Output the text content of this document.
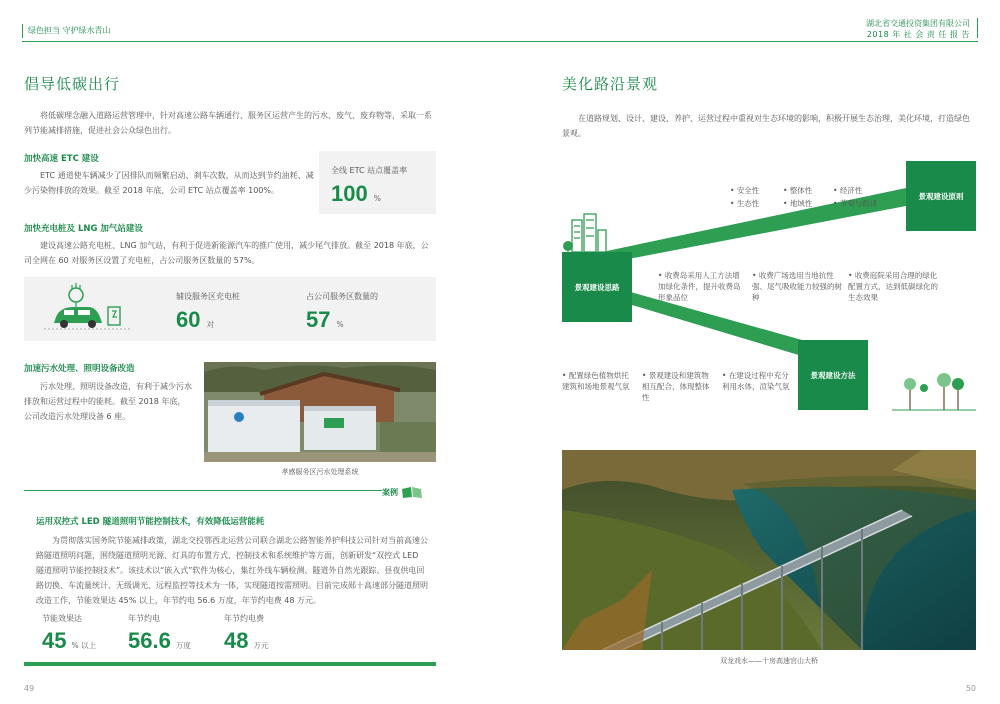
绿色担当 守护绿水青山
湖北省交通投资集团有限公司
2018 年 社 会 责 任 报 告
倡导低碳出行
将低碳理念融入道路运营管理中，针对高速公路车辆通行、服务区运营产生的污水、废气、废弃物等，采取一系列节能减排措施，促进社会公众绿色出行。
加快高速 ETC 建设
ETC 通道使车辆减少了因排队而频繁启动、刹车次数，从而达到节约油耗、减少污染物排放的效果。截至 2018 年底，公司 ETC 站点覆盖率 100%。
全线 ETC 站点覆盖率
100 %
加快充电桩及 LNG 加气站建设
建设高速公路充电桩、LNG 加气站，有利于促进新能源汽车的推广使用，减少尾气排放。截至 2018 年底，公司全网在 60 对服务区设置了充电桩，占公司服务区数量的 57%。
辅设服务区充电桩
60 对
占公司服务区数量的
57 %
加速污水处理、照明设备改造
污水处理、照明设备改造，有利于减少污水排放和运营过程中的能耗。截至 2018 年底，公司改造污水处理设备 6 座。
孝感服务区污水处理系统
案例
运用双控式 LED 隧道照明节能控制技术，有效降低运营能耗
为贯彻落实国务院节能减排政策，湖北交投鄂西北运营公司联合湖北公路智能养护科技公司针对当前高速公路隧道照明问题，围绕隧道照明光源、灯具的布置方式、控制技术和系统维护等方面，创新研发“双控式 LED 隧道照明节能控制技术”。该技术以“嵌入式”软件为核心，集红外线车辆检测、隧道外自然光跟踪、昼夜供电回路切换、车流量统计、无级调光、远程监控等技术为一体，实现隧道按需照明。目前完成郧十高速部分隧道照明改造工作，节能效果达 45% 以上，年节约电 56.6 万度，年节约电费 48 万元。
节能效果达
45 % 以上
年节约电
56.6 万度
年节约电费
48 万元
49
美化路沿景观
在道路规划、设计、建设、养护、运营过程中重视对生态环境的影响，积极开展生态治理，美化环境，打造绿色景观。
景观建设原则
景观建设思路
景观建设方法
• 安全性	• 整体性	• 经济性
• 生态性	• 地域性	• 节奏与韵律
• 收费岛采用人工方法增加绿化条件，提升收费岛形象品位
• 收费广场选用当地抗性强、尾气吸收能力较强的树种
• 收费庭院采用合理的绿化配置方式，达到低碳绿化的生态效果
• 配置绿色植物烘托建筑和场地景观气氛
• 景观建设和建筑物相互配合，体现整体性
• 在建设过程中充分利用水体，渲染气氛
双龙戏水——十房高速官山大桥
50
